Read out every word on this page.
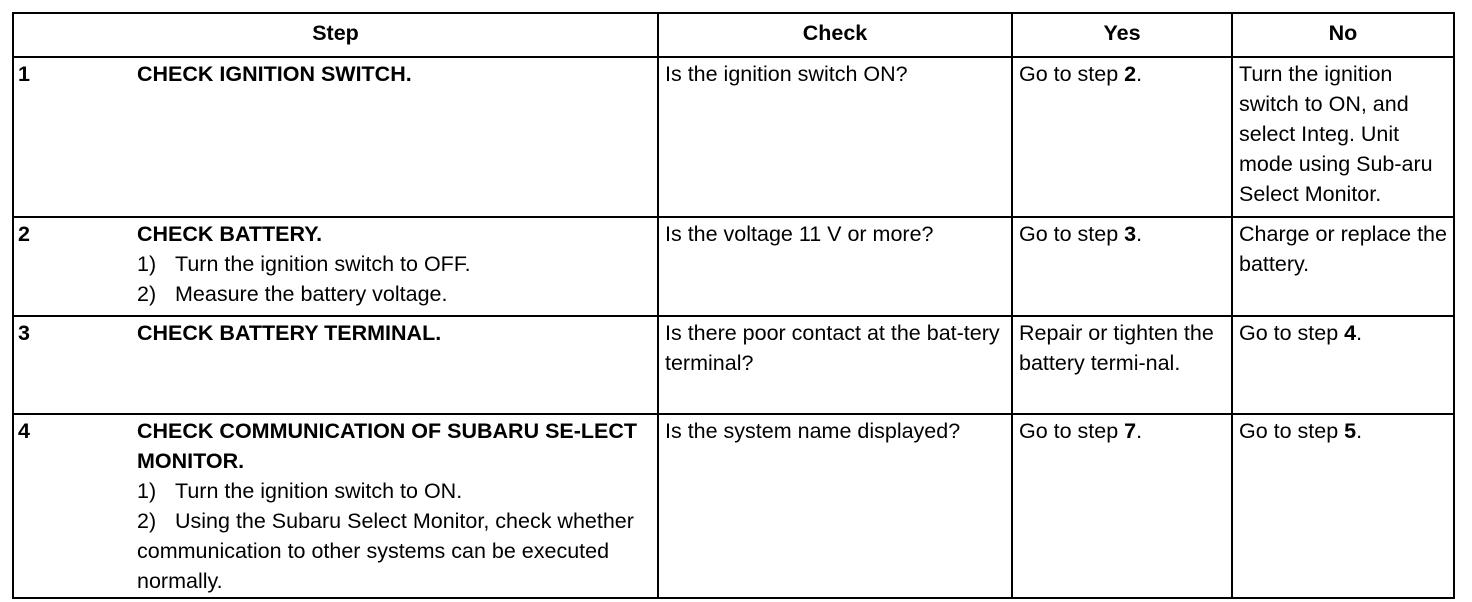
Step	Check	Yes	No

1 CHECK IGNITION SWITCH.	Is the ignition switch ON?	Go to step 2.	Turn the ignition switch to ON, and select Integ. Unit mode using Sub-aru Select Monitor.

2 CHECK BATTERY.
1) Turn the ignition switch to OFF.
2) Measure the battery voltage.	Is the voltage 11 V or more?	Go to step 3.	Charge or replace the battery.

3 CHECK BATTERY TERMINAL.	Is there poor contact at the bat-tery terminal?	Repair or tighten the battery termi-nal.	Go to step 4.

4 CHECK COMMUNICATION OF SUBARU SE-LECT MONITOR.
1) Turn the ignition switch to ON.
2) Using the Subaru Select Monitor, check whether communication to other systems can be executed normally.	Is the system name displayed?	Go to step 7.	Go to step 5.
